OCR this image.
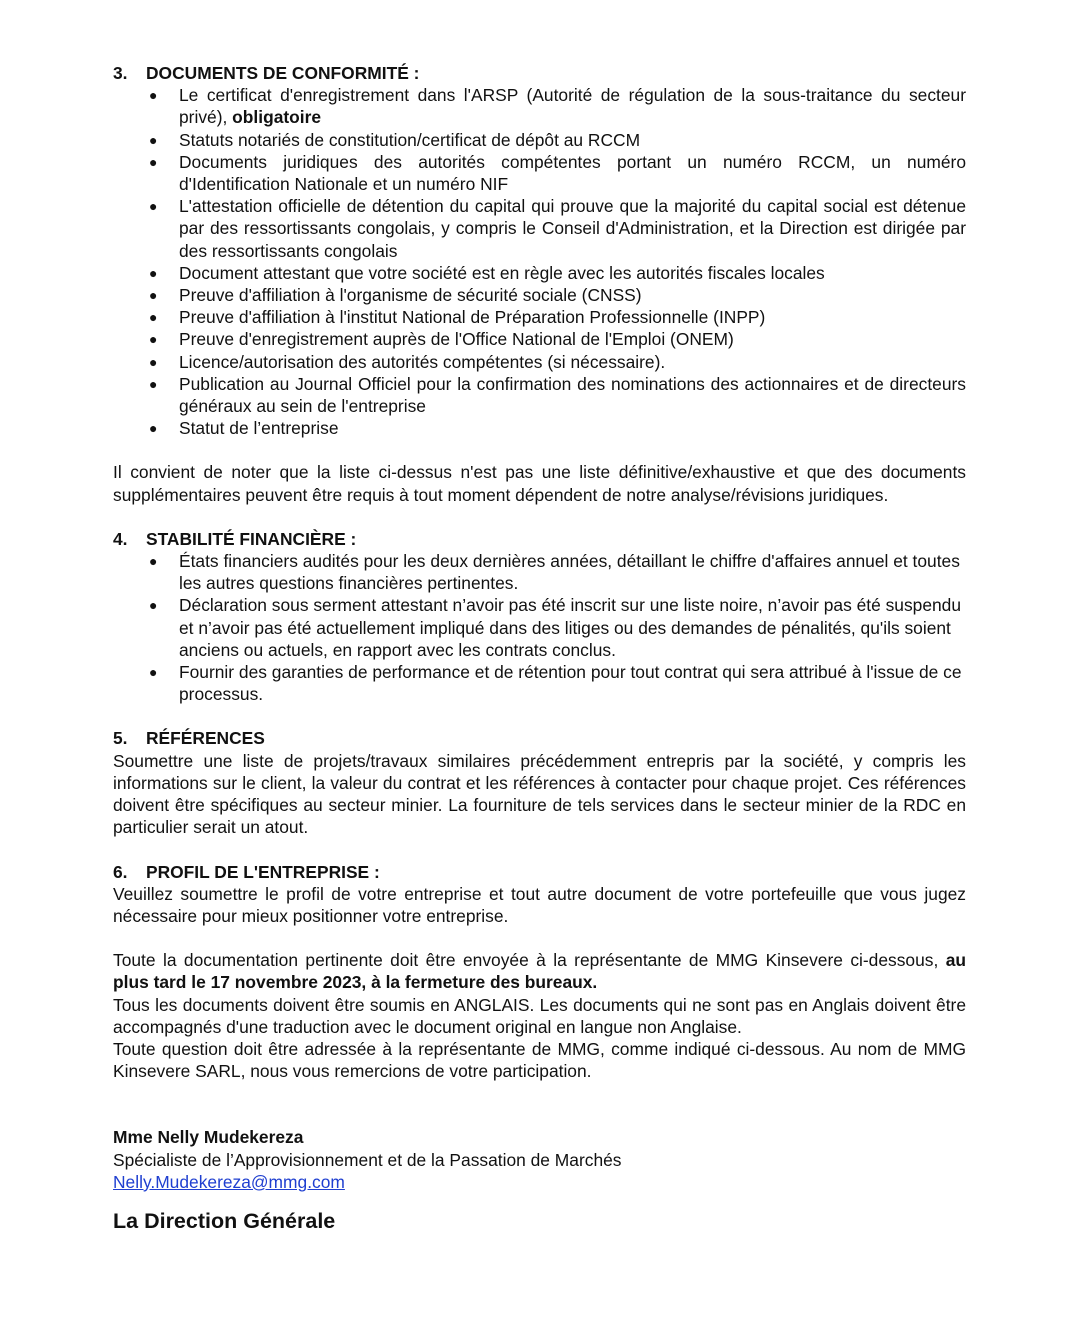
3.	DOCUMENTS DE CONFORMITÉ :
● Le certificat d'enregistrement dans l'ARSP (Autorité de régulation de la sous-traitance du secteur privé), obligatoire
● Statuts notariés de constitution/certificat de dépôt au RCCM
● Documents juridiques des autorités compétentes portant un numéro RCCM, un numéro d'Identification Nationale et un numéro NIF
● L'attestation officielle de détention du capital qui prouve que la majorité du capital social est détenue par des ressortissants congolais, y compris le Conseil d'Administration, et la Direction est dirigée par des ressortissants congolais
● Document attestant que votre société est en règle avec les autorités fiscales locales
● Preuve d'affiliation à l'organisme de sécurité sociale (CNSS)
● Preuve d'affiliation à l'institut National de Préparation Professionnelle (INPP)
● Preuve d'enregistrement auprès de l'Office National de l'Emploi (ONEM)
● Licence/autorisation des autorités compétentes (si nécessaire).
● Publication au Journal Officiel pour la confirmation des nominations des actionnaires et de directeurs généraux au sein de l'entreprise
● Statut de l’entreprise

Il convient de noter que la liste ci-dessus n'est pas une liste définitive/exhaustive et que des documents supplémentaires peuvent être requis à tout moment dépendent de notre analyse/révisions juridiques.

4.	STABILITÉ FINANCIÈRE :
● États financiers audités pour les deux dernières années, détaillant le chiffre d'affaires annuel et toutes les autres questions financières pertinentes.
● Déclaration sous serment attestant n’avoir pas été inscrit sur une liste noire, n’avoir pas été suspendu et n’avoir pas été actuellement impliqué dans des litiges ou des demandes de pénalités, qu'ils soient anciens ou actuels, en rapport avec les contrats conclus.
● Fournir des garanties de performance et de rétention pour tout contrat qui sera attribué à l'issue de ce processus.
5.	RÉFÉRENCES

Soumettre une liste de projets/travaux similaires précédemment entrepris par la société, y compris les informations sur le client, la valeur du contrat et les références à contacter pour chaque projet. Ces références doivent être spécifiques au secteur minier. La fourniture de tels services dans le secteur minier de la RDC en particulier serait un atout.

6.	PROFIL DE L'ENTREPRISE :

Veuillez soumettre le profil de votre entreprise et tout autre document de votre portefeuille que vous jugez nécessaire pour mieux positionner votre entreprise.

Toute la documentation pertinente doit être envoyée à la représentante de MMG Kinsevere ci-dessous, au plus tard le 17 novembre 2023, à la fermeture des bureaux.

Tous les documents doivent être soumis en ANGLAIS. Les documents qui ne sont pas en Anglais doivent être accompagnés d'une traduction avec le document original en langue non Anglaise.

Toute question doit être adressée à la représentante de MMG, comme indiqué ci-dessous. Au nom de MMG Kinsevere SARL, nous vous remercions de votre participation.

Mme Nelly Mudekereza
Spécialiste de l’Approvisionnement et de la Passation de Marchés
Nelly.Mudekereza@mmg.com
La Direction Générale
